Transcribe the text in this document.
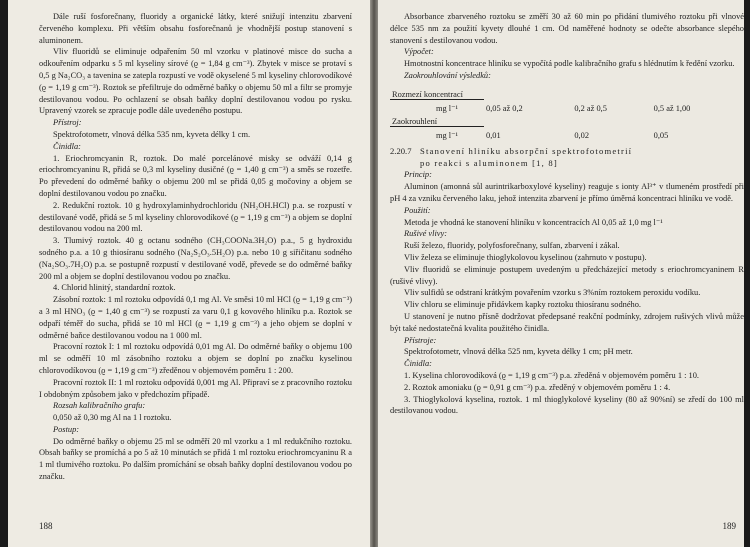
Dále ruší fosforečnany, fluoridy a organické látky, které snižují intenzitu zbarvení červeného komplexu. Při větším obsahu fosforečnanů je vhodnější postup stanovení s aluminonem.

Vliv fluoridů se eliminuje odpařením 50 ml vzorku v platinové misce do sucha a odkouřením odparku s 5 ml kyseliny sírové (ϱ = 1,84 g cm⁻³). Zbytek v misce se protaví s 0,5 g Na₂CO₃ a tavenina se zatepla rozpustí ve vodě okyselené 5 ml kyseliny chlorovodíkové (ϱ = 1,19 g cm⁻³). Roztok se přefiltruje do odměrné baňky o objemu 50 ml a filtr se promyje destilovanou vodou. Po ochlazení se obsah baňky doplní destilovanou vodou po rysku. Upravený vzorek se zpracuje podle dále uvedeného postupu.

Přístroj:

Spektrofotometr, vlnová délka 535 nm, kyveta délky 1 cm.

Činidla:

1. Eriochromcyanin R, roztok. Do malé porcelánové misky se odváží 0,14 g eriochromcyaninu R, přidá se 0,3 ml kyseliny dusičné (ϱ = 1,40 g cm⁻³) a směs se rozetře. Po převedení do odměrné baňky o objemu 200 ml se přidá 0,05 g močoviny a objem se doplní destilovanou vodou po značku.

2. Redukční roztok. 10 g hydroxylaminhydrochloridu (NH₂OH.HCl) p.a. se rozpustí v destilované vodě, přidá se 5 ml kyseliny chlorovodíkové (ϱ = 1,19 g cm⁻³) a objem se doplní destilovanou vodou na 200 ml.

3. Tlumivý roztok. 40 g octanu sodného (CH₃COONa.3H₂O) p.a., 5 g hydroxidu sodného p.a. a 10 g thiosíranu sodného (Na₂S₂O₃.5H₂O) p.a. nebo 10 g siřičitanu sodného (Na₂SO₃.7H₂O) p.a. se postupně rozpustí v destilované vodě, převede se do odměrné baňky 200 ml a objem se doplní destilovanou vodou po značku.

4. Chlorid hlinitý, standardní roztok.

Zásobní roztok: 1 ml roztoku odpovídá 0,1 mg Al. Ve směsi 10 ml HCl (ϱ = 1,19 g cm⁻³) a 3 ml HNO₃ (ϱ = 1,40 g cm⁻³) se rozpustí za varu 0,1 g kovového hliníku p.a. Roztok se odpaří téměř do sucha, přidá se 10 ml HCl (ϱ = 1,19 g cm⁻³) a jeho objem se doplní v odměrné baňce destilovanou vodou na 1 000 ml.

Pracovní roztok I: 1 ml roztoku odpovídá 0,01 mg Al. Do odměrné baňky o objemu 100 ml se odměří 10 ml zásobního roztoku a objem se doplní po značku kyselinou chlorovodíkovou (ϱ = 1,19 g cm⁻³) zředěnou v objemovém poměru 1 : 200.

Pracovní roztok II: 1 ml roztoku odpovídá 0,001 mg Al. Připraví se z pracovního roztoku I obdobným způsobem jako v předchozím případě.

Rozsah kalibračního grafu:

0,050 až 0,30 mg Al na 1 l roztoku.

Postup:

Do odměrné baňky o objemu 25 ml se odměří 20 ml vzorku a 1 ml redukčního roztoku. Obsah baňky se promíchá a po 5 až 10 minutách se přidá 1 ml roztoku eriochromcyaninu R a 1 ml tlumivého roztoku. Po dalším promíchání se obsah baňky doplní destilovanou vodou po značku.

188

Absorbance zbarveného roztoku se změří 30 až 60 min po přidání tlumivého roztoku při vlnové délce 535 nm za použití kyvety dlouhé 1 cm. Od naměřené hodnoty se odečte absorbance slepého stanovení s destilovanou vodou.

Výpočet:

Hmotnostní koncentrace hliníku se vypočítá podle kalibračního grafu s hlédnutím k ředění vzorku.

Zaokrouhlování výsledků:

Rozmezí koncentrací	0,05 až 0,2	0,2 až 0,5	0,5 až 1,00
mg l⁻¹			
Zaokrouhlení	0,01	0,02	0,05
mg l⁻¹			
2.20.7 Stanovení hliníku absorpční spektrofotometrií
po reakci s aluminonem [1, 8]

Princip:

Aluminon (amonná sůl aurintrikarboxylové kyseliny) reaguje s ionty Al³⁺ v tlumeném prostředí při pH 4 za vzniku červeného laku, jehož intenzita zbarvení je přímo úměrná koncentraci hliníku ve vodě.

Použití:

Metoda je vhodná ke stanovení hliníku v koncentracích Al 0,05 až 1,0 mg l⁻¹

Rušivé vlivy:

Ruší železo, fluoridy, polyfosforečnany, sulfan, zbarvení i zákal.

Vliv železa se eliminuje thioglykolovou kyselinou (zahrnuto v postupu).

Vliv fluoridů se eliminuje postupem uvedeným u předcházející metody s eriochromcyaninem R (rušivé vlivy).

Vliv sulfidů se odstraní krátkým povařením vzorku s 3%ním roztokem peroxidu vodíku.

Vliv chloru se eliminuje přidávkem kapky roztoku thiosíranu sodného.

U stanovení je nutno přísně dodržovat předepsané reakční podmínky, zdrojem rušivých vlivů může být také nedostatečná kvalita použitého činidla.

Přístroje:

Spektrofotometr, vlnová délka 525 nm, kyveta délky 1 cm; pH metr.

Činidla:

1. Kyselina chlorovodíková (ϱ = 1,19 g cm⁻³) p.a. zředěná v objemovém poměru 1 : 10.

2. Roztok amoniaku (ϱ = 0,91 g cm⁻³) p.a. zředěný v objemovém poměru 1 : 4.

3. Thioglykolová kyselina, roztok. 1 ml thioglykolové kyseliny (80 až 90%ní) se zředí do 100 ml destilovanou vodou.

189
